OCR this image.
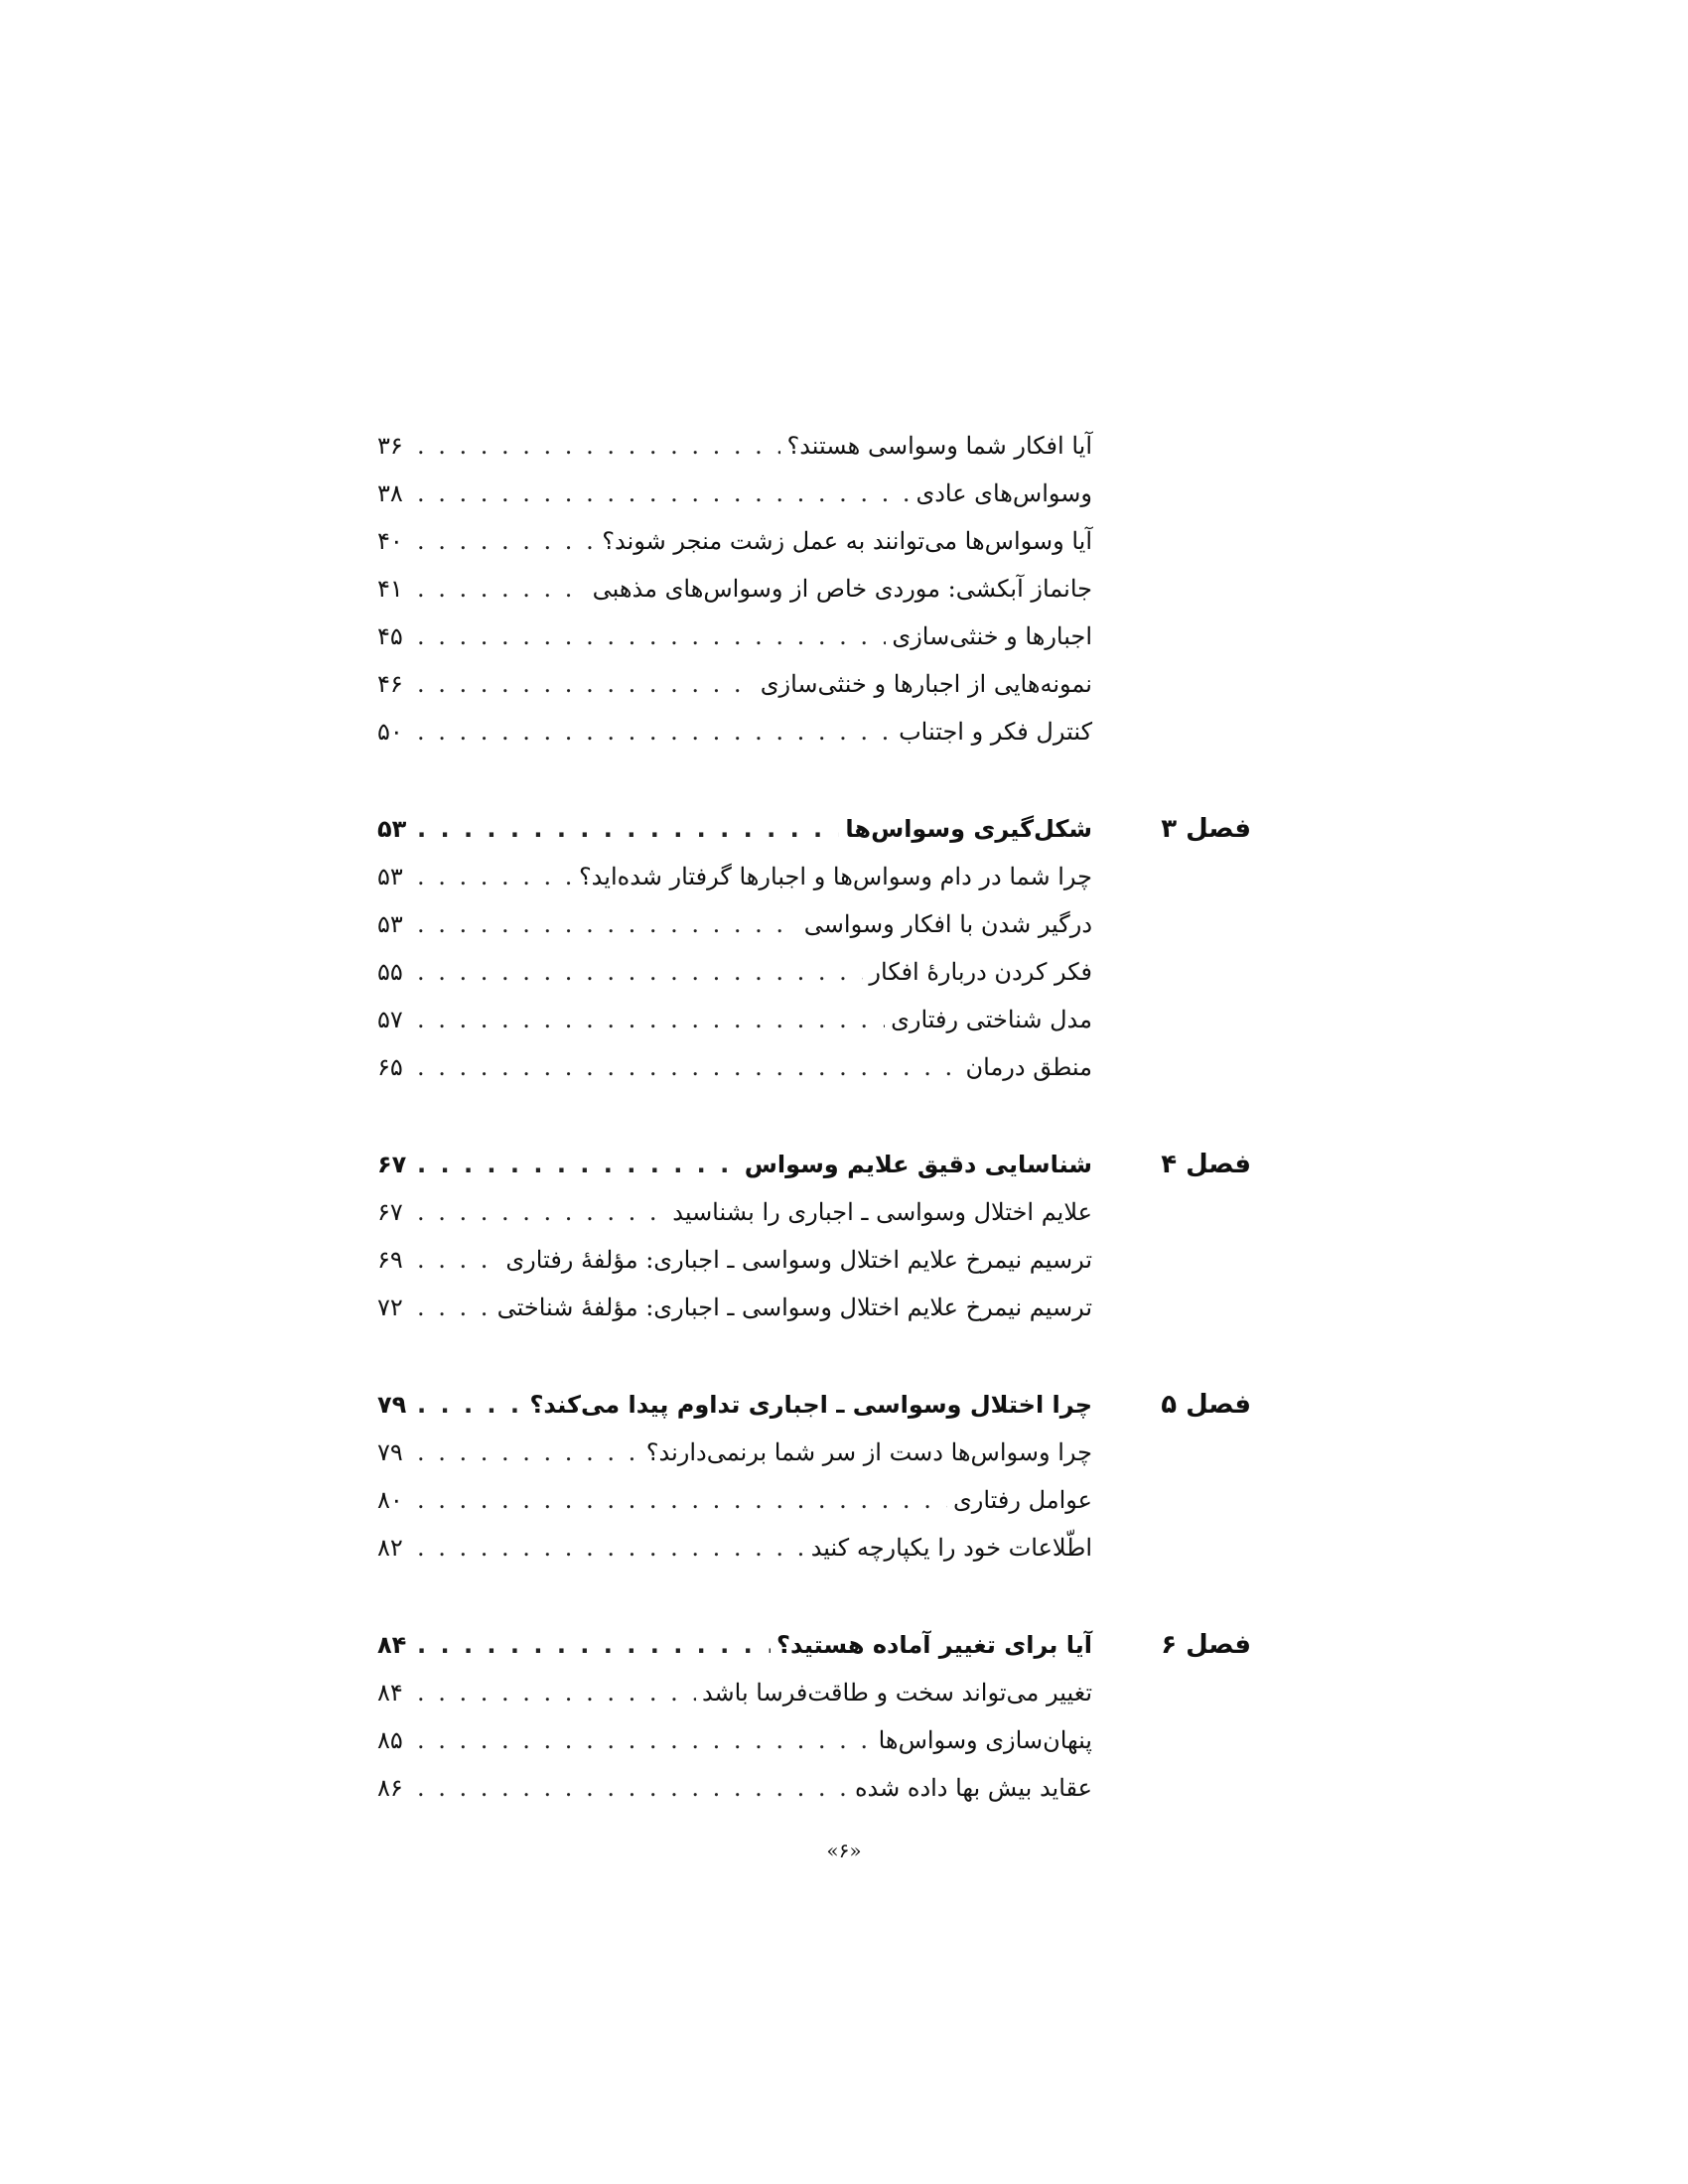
آیا افکار شما وسواسی هستند؟
. . .
۳۶
وسواس‌های عادی
. . .
۳۸
آیا وسواس‌ها می‌توانند به عمل زشت منجر شوند؟
. . .
۴۰
جانماز آبکشی: موردی خاص از وسواس‌های مذهبی
. . .
۴۱
اجبارها و خنثی‌سازی
. . .
۴۵
نمونه‌هایی از اجبارها و خنثی‌سازی
. . .
۴۶
کنترل فکر و اجتناب
. . .
۵۰
فصل ۳
شکل‌گیری وسواس‌ها
. . .
۵۳
چرا شما در دام وسواس‌ها و اجبارها گرفتار شده‌اید؟
. . .
۵۳
درگیر شدن با افکار وسواسی
. . .
۵۳
فکر کردن دربارهٔ افکار
. . .
۵۵
مدل شناختی رفتاری
. . .
۵۷
منطق درمان
. . .
۶۵
فصل ۴
شناسایی دقیق علایم وسواس
. . .
۶۷
علایم اختلال وسواسی ـ اجباری را بشناسید
. . .
۶۷
ترسیم نیمرخ علایم اختلال وسواسی ـ اجباری: مؤلفهٔ رفتاری
. . .
۶۹
ترسیم نیمرخ علایم اختلال وسواسی ـ اجباری: مؤلفهٔ شناختی
. . .
۷۲
فصل ۵
چرا اختلال وسواسی ـ اجباری تداوم پیدا می‌کند؟
. . .
۷۹
چرا وسواس‌ها دست از سر شما برنمی‌دارند؟
. . .
۷۹
عوامل رفتاری
. . .
۸۰
اطّلاعات خود را یکپارچه کنید
. . .
۸۲
فصل ۶
آیا برای تغییر آماده هستید؟
. . .
۸۴
تغییر می‌تواند سخت و طاقت‌فرسا باشد
. . .
۸۴
پنهان‌سازی وسواس‌ها
. . .
۸۵
عقاید بیش بها داده شده
. . .
۸۶
«۶»
